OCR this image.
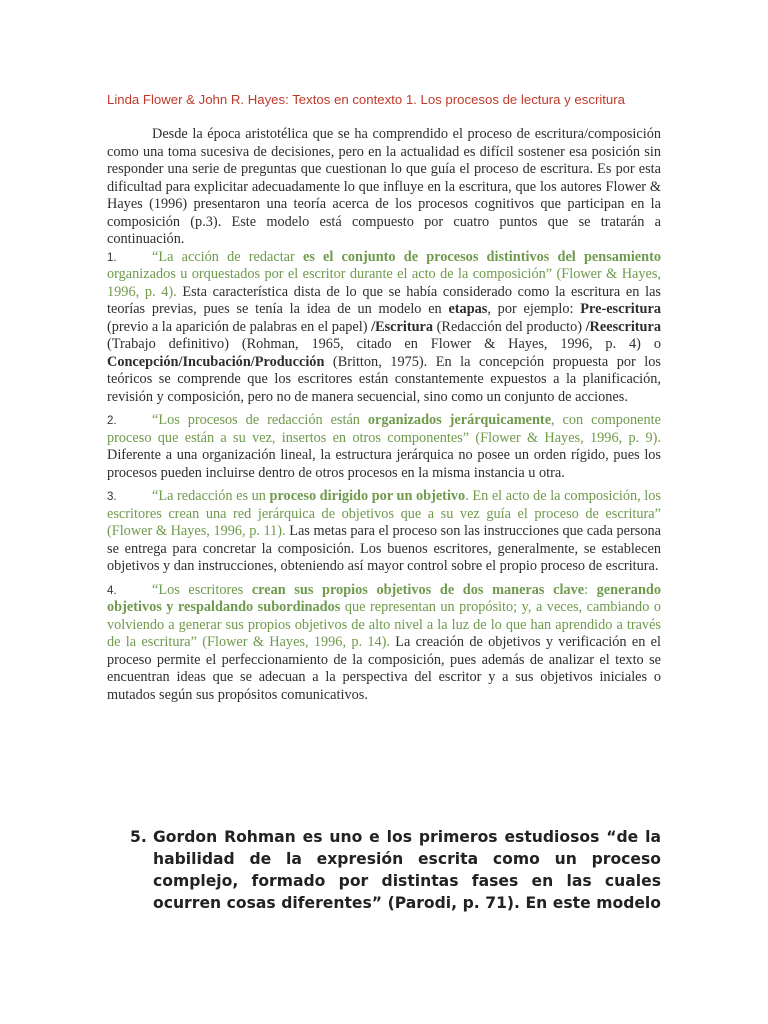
Linda Flower & John R. Hayes: Textos en contexto 1. Los procesos de lectura y escritura

Desde la época aristotélica que se ha comprendido el proceso de escritura/composición como una toma sucesiva de decisiones, pero en la actualidad es difícil sostener esa posición sin responder una serie de preguntas que cuestionan lo que guía el proceso de escritura. Es por esta dificultad para explicitar adecuadamente lo que influye en la escritura, que los autores Flower & Hayes (1996) presentaron una teoría acerca de los procesos cognitivos que participan en la composición (p.3). Este modelo está compuesto por cuatro puntos que se tratarán a continuación.

1.	“La acción de redactar es el conjunto de procesos distintivos del pensamiento organizados u orquestados por el escritor durante el acto de la composición” (Flower & Hayes, 1996, p. 4). Esta característica dista de lo que se había considerado como la escritura en las teorías previas, pues se tenía la idea de un modelo en etapas, por ejemplo: Pre-escritura (previo a la aparición de palabras en el papel) /Escritura (Redacción del producto) /Reescritura (Trabajo definitivo) (Rohman, 1965, citado en Flower & Hayes, 1996, p. 4) o Concepción/Incubación/Producción (Britton, 1975). En la concepción propuesta por los teóricos se comprende que los escritores están constantemente expuestos a la planificación, revisión y composición, pero no de manera secuencial, sino como un conjunto de acciones.

2.	“Los procesos de redacción están organizados jerárquicamente, con componente proceso que están a su vez, insertos en otros componentes” (Flower & Hayes, 1996, p. 9). Diferente a una organización lineal, la estructura jerárquica no posee un orden rígido, pues los procesos pueden incluirse dentro de otros procesos en la misma instancia u otra.

3.	“La redacción es un proceso dirigido por un objetivo. En el acto de la composición, los escritores crean una red jerárquica de objetivos que a su vez guía el proceso de escritura” (Flower & Hayes, 1996, p. 11). Las metas para el proceso son las instrucciones que cada persona se entrega para concretar la composición. Los buenos escritores, generalmente, se establecen objetivos y dan instrucciones, obteniendo así mayor control sobre el propio proceso de escritura.

4.	“Los escritores crean sus propios objetivos de dos maneras clave: generando objetivos y respaldando subordinados que representan un propósito; y, a veces, cambiando o volviendo a generar sus propios objetivos de alto nivel a la luz de lo que han aprendido a través de la escritura” (Flower & Hayes, 1996, p. 14). La creación de objetivos y verificación en el proceso permite el perfeccionamiento de la composición, pues además de analizar el texto se encuentran ideas que se adecuan a la perspectiva del escritor y a sus objetivos iniciales o mutados según sus propósitos comunicativos.

5. Gordon Rohman es uno e los primeros estudiosos “de la habilidad de la expresión escrita como un proceso complejo, formado por distintas fases en las cuales ocurren cosas diferentes” (Parodi, p. 71). En este modelo
